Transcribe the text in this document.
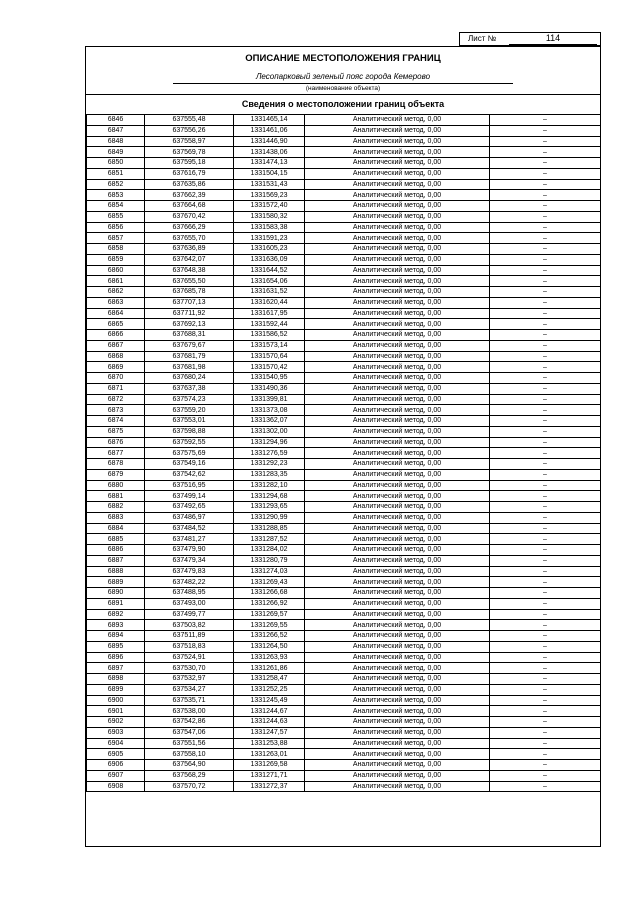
Лист №	114
ОПИСАНИЕ МЕСТОПОЛОЖЕНИЯ ГРАНИЦ
Лесопарковый зеленый пояс города Кемерово
(наименование объекта)
Сведения о местоположении границ объекта
6846	637555,48	1331465,14	Аналитический метод, 0,00	–
6847	637556,26	1331461,06	Аналитический метод, 0,00	–
6848	637558,97	1331446,90	Аналитический метод, 0,00	–
6849	637569,78	1331438,06	Аналитический метод, 0,00	–
6850	637595,18	1331474,13	Аналитический метод, 0,00	–
6851	637616,79	1331504,15	Аналитический метод, 0,00	–
6852	637635,86	1331531,43	Аналитический метод, 0,00	–
6853	637662,39	1331569,23	Аналитический метод, 0,00	–
6854	637664,68	1331572,40	Аналитический метод, 0,00	–
6855	637670,42	1331580,32	Аналитический метод, 0,00	–
6856	637666,29	1331583,38	Аналитический метод, 0,00	–
6857	637655,70	1331591,23	Аналитический метод, 0,00	–
6858	637636,89	1331605,23	Аналитический метод, 0,00	–
6859	637642,07	1331636,09	Аналитический метод, 0,00	–
6860	637648,38	1331644,52	Аналитический метод, 0,00	–
6861	637655,50	1331654,06	Аналитический метод, 0,00	–
6862	637685,78	1331631,52	Аналитический метод, 0,00	–
6863	637707,13	1331620,44	Аналитический метод, 0,00	–
6864	637711,92	1331617,95	Аналитический метод, 0,00	–
6865	637692,13	1331592,44	Аналитический метод, 0,00	–
6866	637688,31	1331586,52	Аналитический метод, 0,00	–
6867	637679,67	1331573,14	Аналитический метод, 0,00	–
6868	637681,79	1331570,64	Аналитический метод, 0,00	–
6869	637681,98	1331570,42	Аналитический метод, 0,00	–
6870	637680,24	1331540,95	Аналитический метод, 0,00	–
6871	637637,38	1331490,36	Аналитический метод, 0,00	–
6872	637574,23	1331399,81	Аналитический метод, 0,00	–
6873	637559,20	1331373,08	Аналитический метод, 0,00	–
6874	637553,01	1331362,07	Аналитический метод, 0,00	–
6875	637598,88	1331302,00	Аналитический метод, 0,00	–
6876	637592,55	1331294,96	Аналитический метод, 0,00	–
6877	637575,69	1331276,59	Аналитический метод, 0,00	–
6878	637549,16	1331292,23	Аналитический метод, 0,00	–
6879	637542,62	1331283,35	Аналитический метод, 0,00	–
6880	637516,95	1331282,10	Аналитический метод, 0,00	–
6881	637499,14	1331294,68	Аналитический метод, 0,00	–
6882	637492,65	1331293,65	Аналитический метод, 0,00	–
6883	637486,97	1331290,99	Аналитический метод, 0,00	–
6884	637484,52	1331288,85	Аналитический метод, 0,00	–
6885	637481,27	1331287,52	Аналитический метод, 0,00	–
6886	637479,90	1331284,02	Аналитический метод, 0,00	–
6887	637479,34	1331280,79	Аналитический метод, 0,00	–
6888	637479,83	1331274,03	Аналитический метод, 0,00	–
6889	637482,22	1331269,43	Аналитический метод, 0,00	–
6890	637488,95	1331266,68	Аналитический метод, 0,00	–
6891	637493,00	1331266,92	Аналитический метод, 0,00	–
6892	637499,77	1331269,57	Аналитический метод, 0,00	–
6893	637503,82	1331269,55	Аналитический метод, 0,00	–
6894	637511,89	1331266,52	Аналитический метод, 0,00	–
6895	637518,83	1331264,50	Аналитический метод, 0,00	–
6896	637524,91	1331263,93	Аналитический метод, 0,00	–
6897	637530,70	1331261,86	Аналитический метод, 0,00	–
6898	637532,97	1331258,47	Аналитический метод, 0,00	–
6899	637534,27	1331252,25	Аналитический метод, 0,00	–
6900	637535,71	1331245,49	Аналитический метод, 0,00	–
6901	637538,00	1331244,67	Аналитический метод, 0,00	–
6902	637542,86	1331244,63	Аналитический метод, 0,00	–
6903	637547,06	1331247,57	Аналитический метод, 0,00	–
6904	637551,56	1331253,88	Аналитический метод, 0,00	–
6905	637558,10	1331263,01	Аналитический метод, 0,00	–
6906	637564,90	1331269,58	Аналитический метод, 0,00	–
6907	637568,29	1331271,71	Аналитический метод, 0,00	–
6908	637570,72	1331272,37	Аналитический метод, 0,00	–
